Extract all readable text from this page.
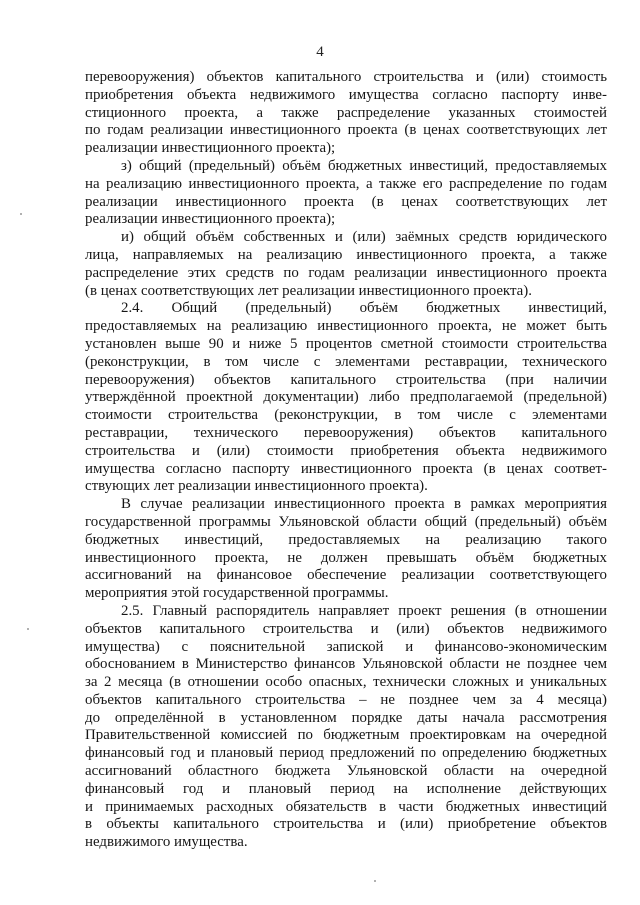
4
перевооружения) объектов капитального строительства и (или) стоимость
приобретения объекта недвижимого имущества согласно паспорту инве-
стиционного проекта, а также распределение указанных стоимостей
по годам реализации инвестиционного проекта (в ценах соответствующих лет
реализации инвестиционного проекта);
з) общий (предельный) объём бюджетных инвестиций, предоставляемых
на реализацию инвестиционного проекта, а также его распределение по годам
реализации инвестиционного проекта (в ценах соответствующих лет
реализации инвестиционного проекта);
и) общий объём собственных и (или) заёмных средств юридического
лица, направляемых на реализацию инвестиционного проекта, а также
распределение этих средств по годам реализации инвестиционного проекта
(в ценах соответствующих лет реализации инвестиционного проекта).
2.4. Общий (предельный) объём бюджетных инвестиций,
предоставляемых на реализацию инвестиционного проекта, не может быть
установлен выше 90 и ниже 5 процентов сметной стоимости строительства
(реконструкции, в том числе с элементами реставрации, технического
перевооружения) объектов капитального строительства (при наличии
утверждённой проектной документации) либо предполагаемой (предельной)
стоимости строительства (реконструкции, в том числе с элементами
реставрации, технического перевооружения) объектов капитального
строительства и (или) стоимости приобретения объекта недвижимого
имущества согласно паспорту инвестиционного проекта (в ценах соответ-
ствующих лет реализации инвестиционного проекта).
В случае реализации инвестиционного проекта в рамках мероприятия
государственной программы Ульяновской области общий (предельный) объём
бюджетных инвестиций, предоставляемых на реализацию такого
инвестиционного проекта, не должен превышать объём бюджетных
ассигнований на финансовое обеспечение реализации соответствующего
мероприятия этой государственной программы.
2.5. Главный распорядитель направляет проект решения (в отношении
объектов капитального строительства и (или) объектов недвижимого
имущества) с пояснительной запиской и финансово-экономическим
обоснованием в Министерство финансов Ульяновской области не позднее чем
за 2 месяца (в отношении особо опасных, технически сложных и уникальных
объектов капитального строительства – не позднее чем за 4 месяца)
до определённой в установленном порядке даты начала рассмотрения
Правительственной комиссией по бюджетным проектировкам на очередной
финансовый год и плановый период предложений по определению бюджетных
ассигнований областного бюджета Ульяновской области на очередной
финансовый год и плановый период на исполнение действующих
и принимаемых расходных обязательств в части бюджетных инвестиций
в объекты капитального строительства и (или) приобретение объектов
недвижимого имущества.
